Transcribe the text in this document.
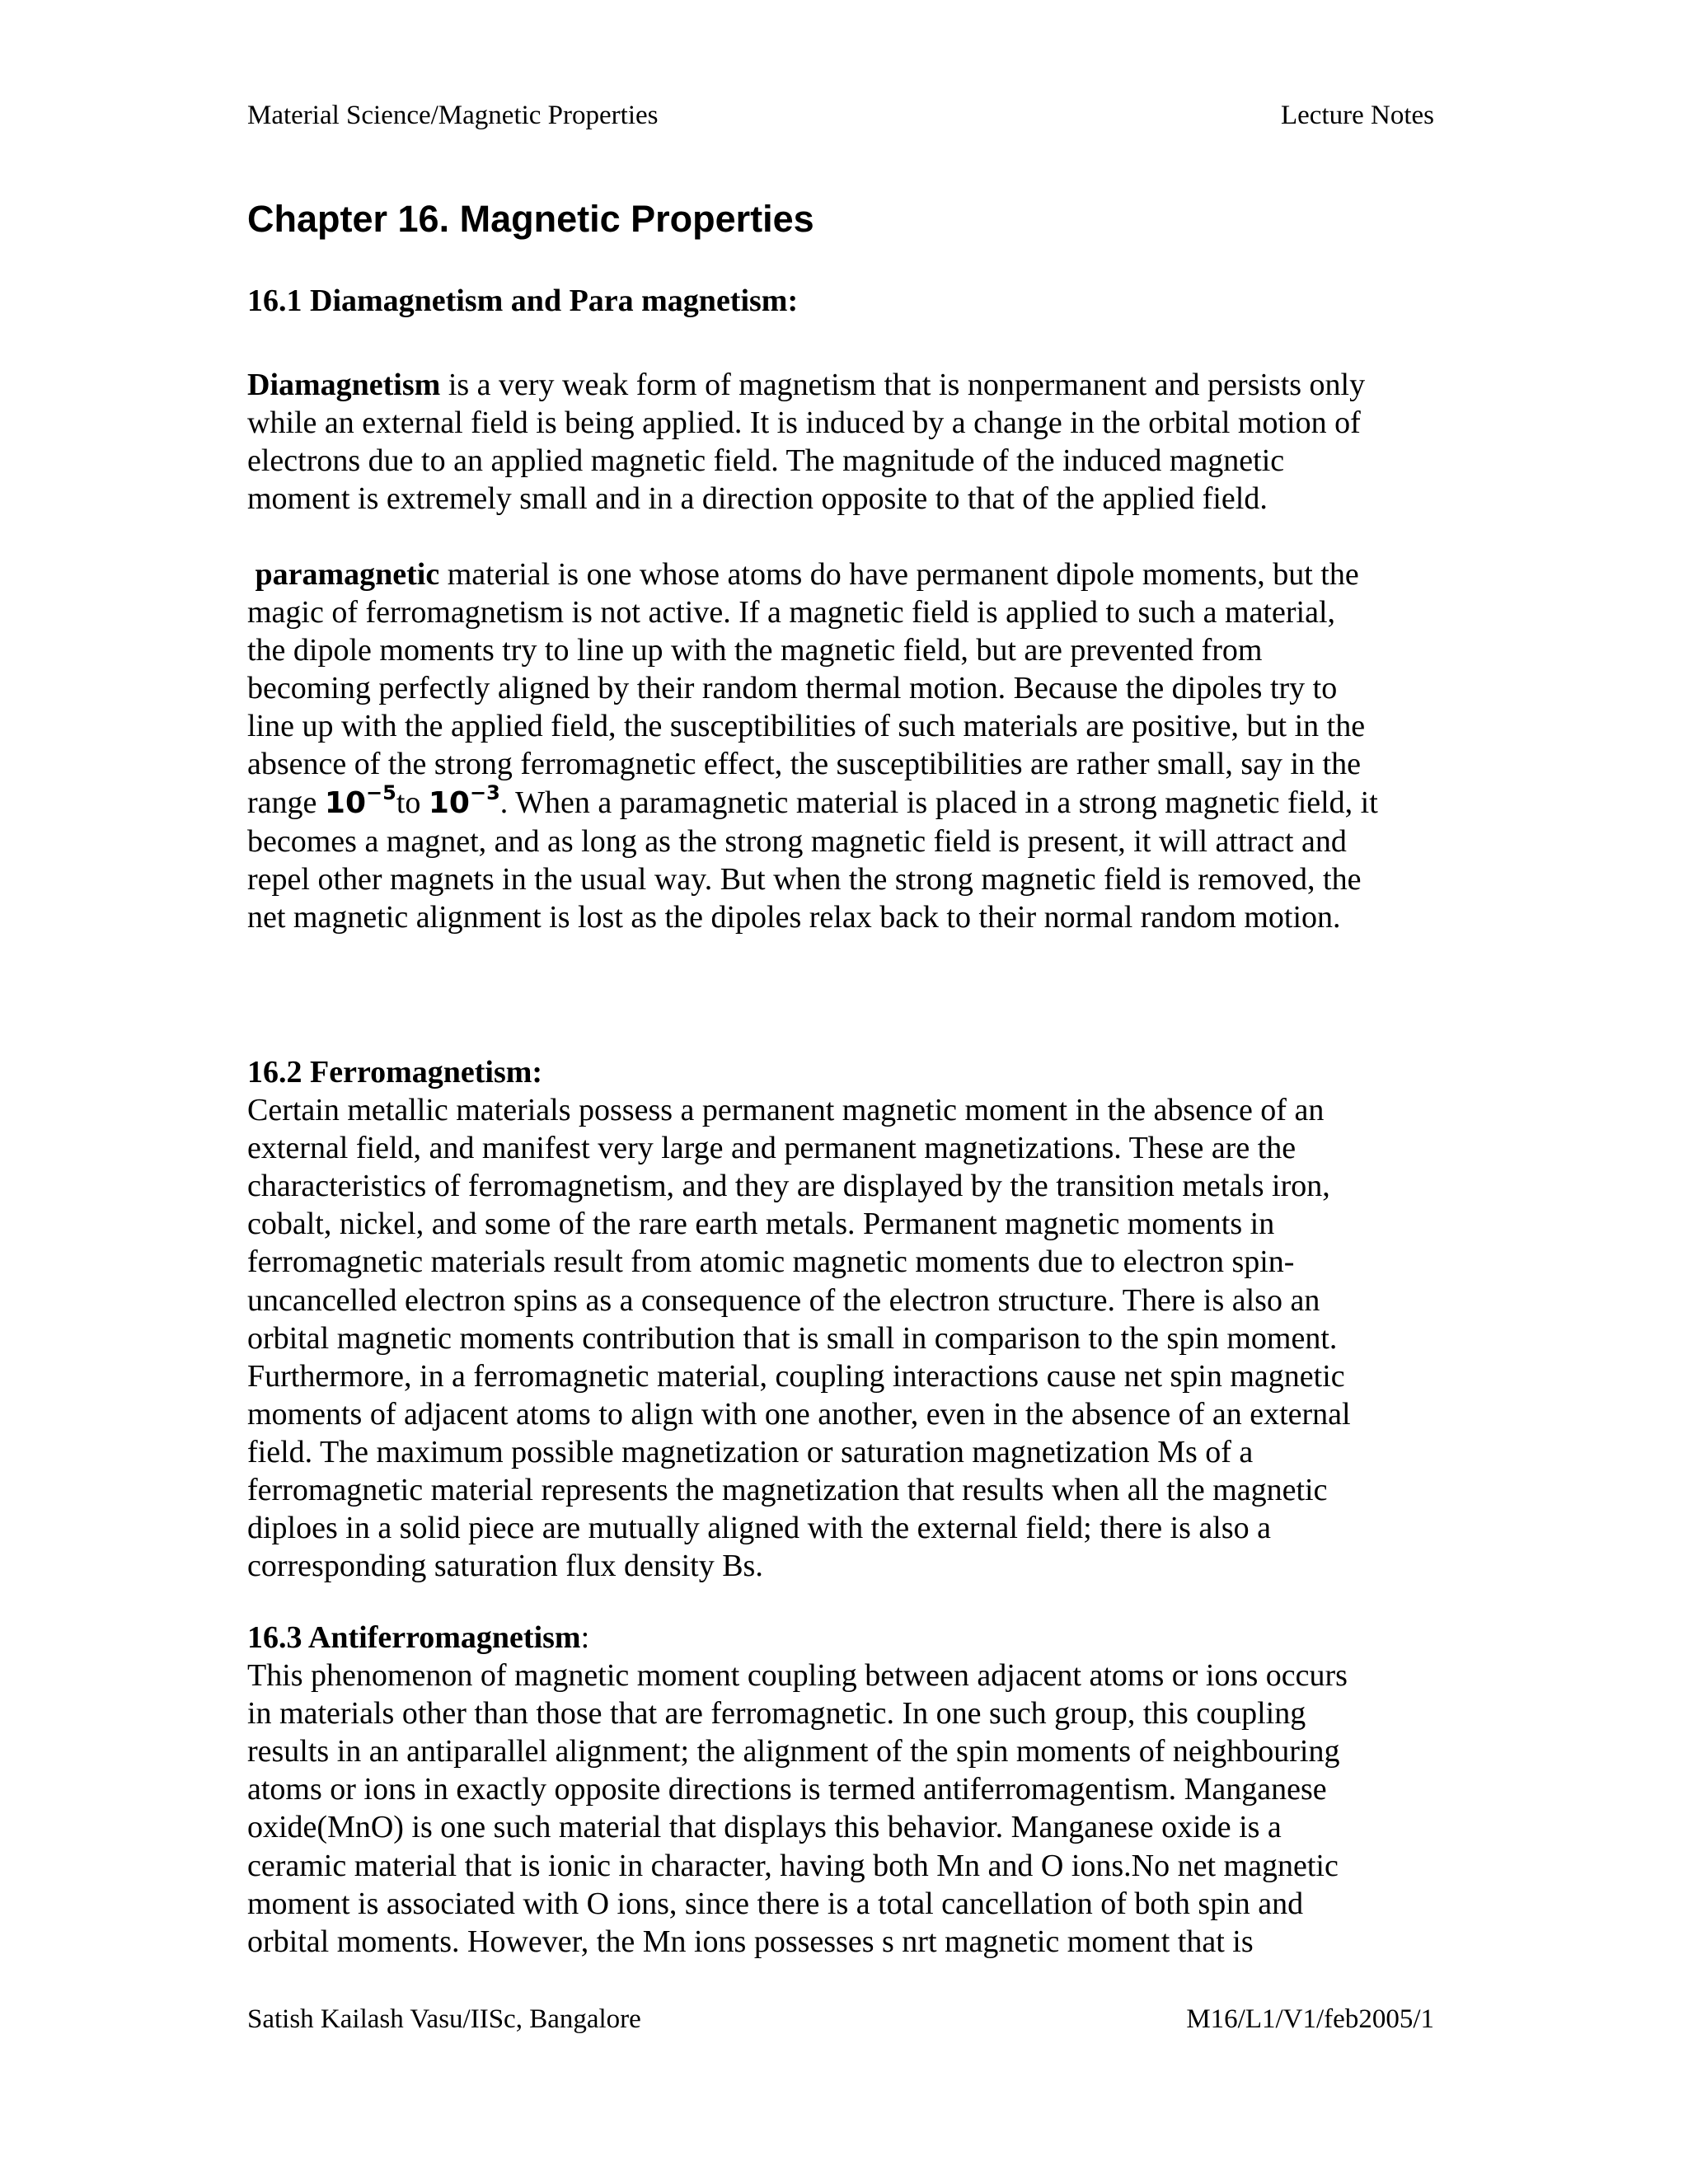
Material Science/Magnetic Properties	Lecture Notes
Chapter 16. Magnetic Properties
16.1 Diamagnetism and Para magnetism:
Diamagnetism is a very weak form of magnetism that is nonpermanent and persists only
while an external field is being applied. It is induced by a change in the orbital motion of
electrons due to an applied magnetic field. The magnitude of the induced magnetic
moment is extremely small and in a direction opposite to that of the applied field.
paramagnetic material is one whose atoms do have permanent dipole moments, but the
magic of ferromagnetism is not active. If a magnetic field is applied to such a material,
the dipole moments try to line up with the magnetic field, but are prevented from
becoming perfectly aligned by their random thermal motion. Because the dipoles try to
line up with the applied field, the susceptibilities of such materials are positive, but in the
absence of the strong ferromagnetic effect, the susceptibilities are rather small, say in the
range $10^{-5}to$ $10^{-3}$. When a paramagnetic material is placed in a strong magnetic field, it
becomes a magnet, and as long as the strong magnetic field is present, it will attract and
repel other magnets in the usual way. But when the strong magnetic field is removed, the
net magnetic alignment is lost as the dipoles relax back to their normal random motion.
16.2 Ferromagnetism:
Certain metallic materials possess a permanent magnetic moment in the absence of an
external field, and manifest very large and permanent magnetizations. These are the
characteristics of ferromagnetism, and they are displayed by the transition metals iron,
cobalt, nickel, and some of the rare earth metals. Permanent magnetic moments in
ferromagnetic materials result from atomic magnetic moments due to electron spin-
uncancelled electron spins as a consequence of the electron structure. There is also an
orbital magnetic moments contribution that is small in comparison to the spin moment.
Furthermore, in a ferromagnetic material, coupling interactions cause net spin magnetic
moments of adjacent atoms to align with one another, even in the absence of an external
field. The maximum possible magnetization or saturation magnetization Ms of a
ferromagnetic material represents the magnetization that results when all the magnetic
diploes in a solid piece are mutually aligned with the external field; there is also a
corresponding saturation flux density Bs.
16.3 Antiferromagnetism:
This phenomenon of magnetic moment coupling between adjacent atoms or ions occurs
in materials other than those that are ferromagnetic. In one such group, this coupling
results in an antiparallel alignment; the alignment of the spin moments of neighbouring
atoms or ions in exactly opposite directions is termed antiferromagentism. Manganese
oxide(MnO) is one such material that displays this behavior. Manganese oxide is a
ceramic material that is ionic in character, having both Mn and O ions.No net magnetic
moment is associated with O ions, since there is a total cancellation of both spin and
orbital moments. However, the Mn ions possesses s nrt magnetic moment that is
Satish Kailash Vasu/IISc, Bangalore	M16/L1/V1/feb2005/1
